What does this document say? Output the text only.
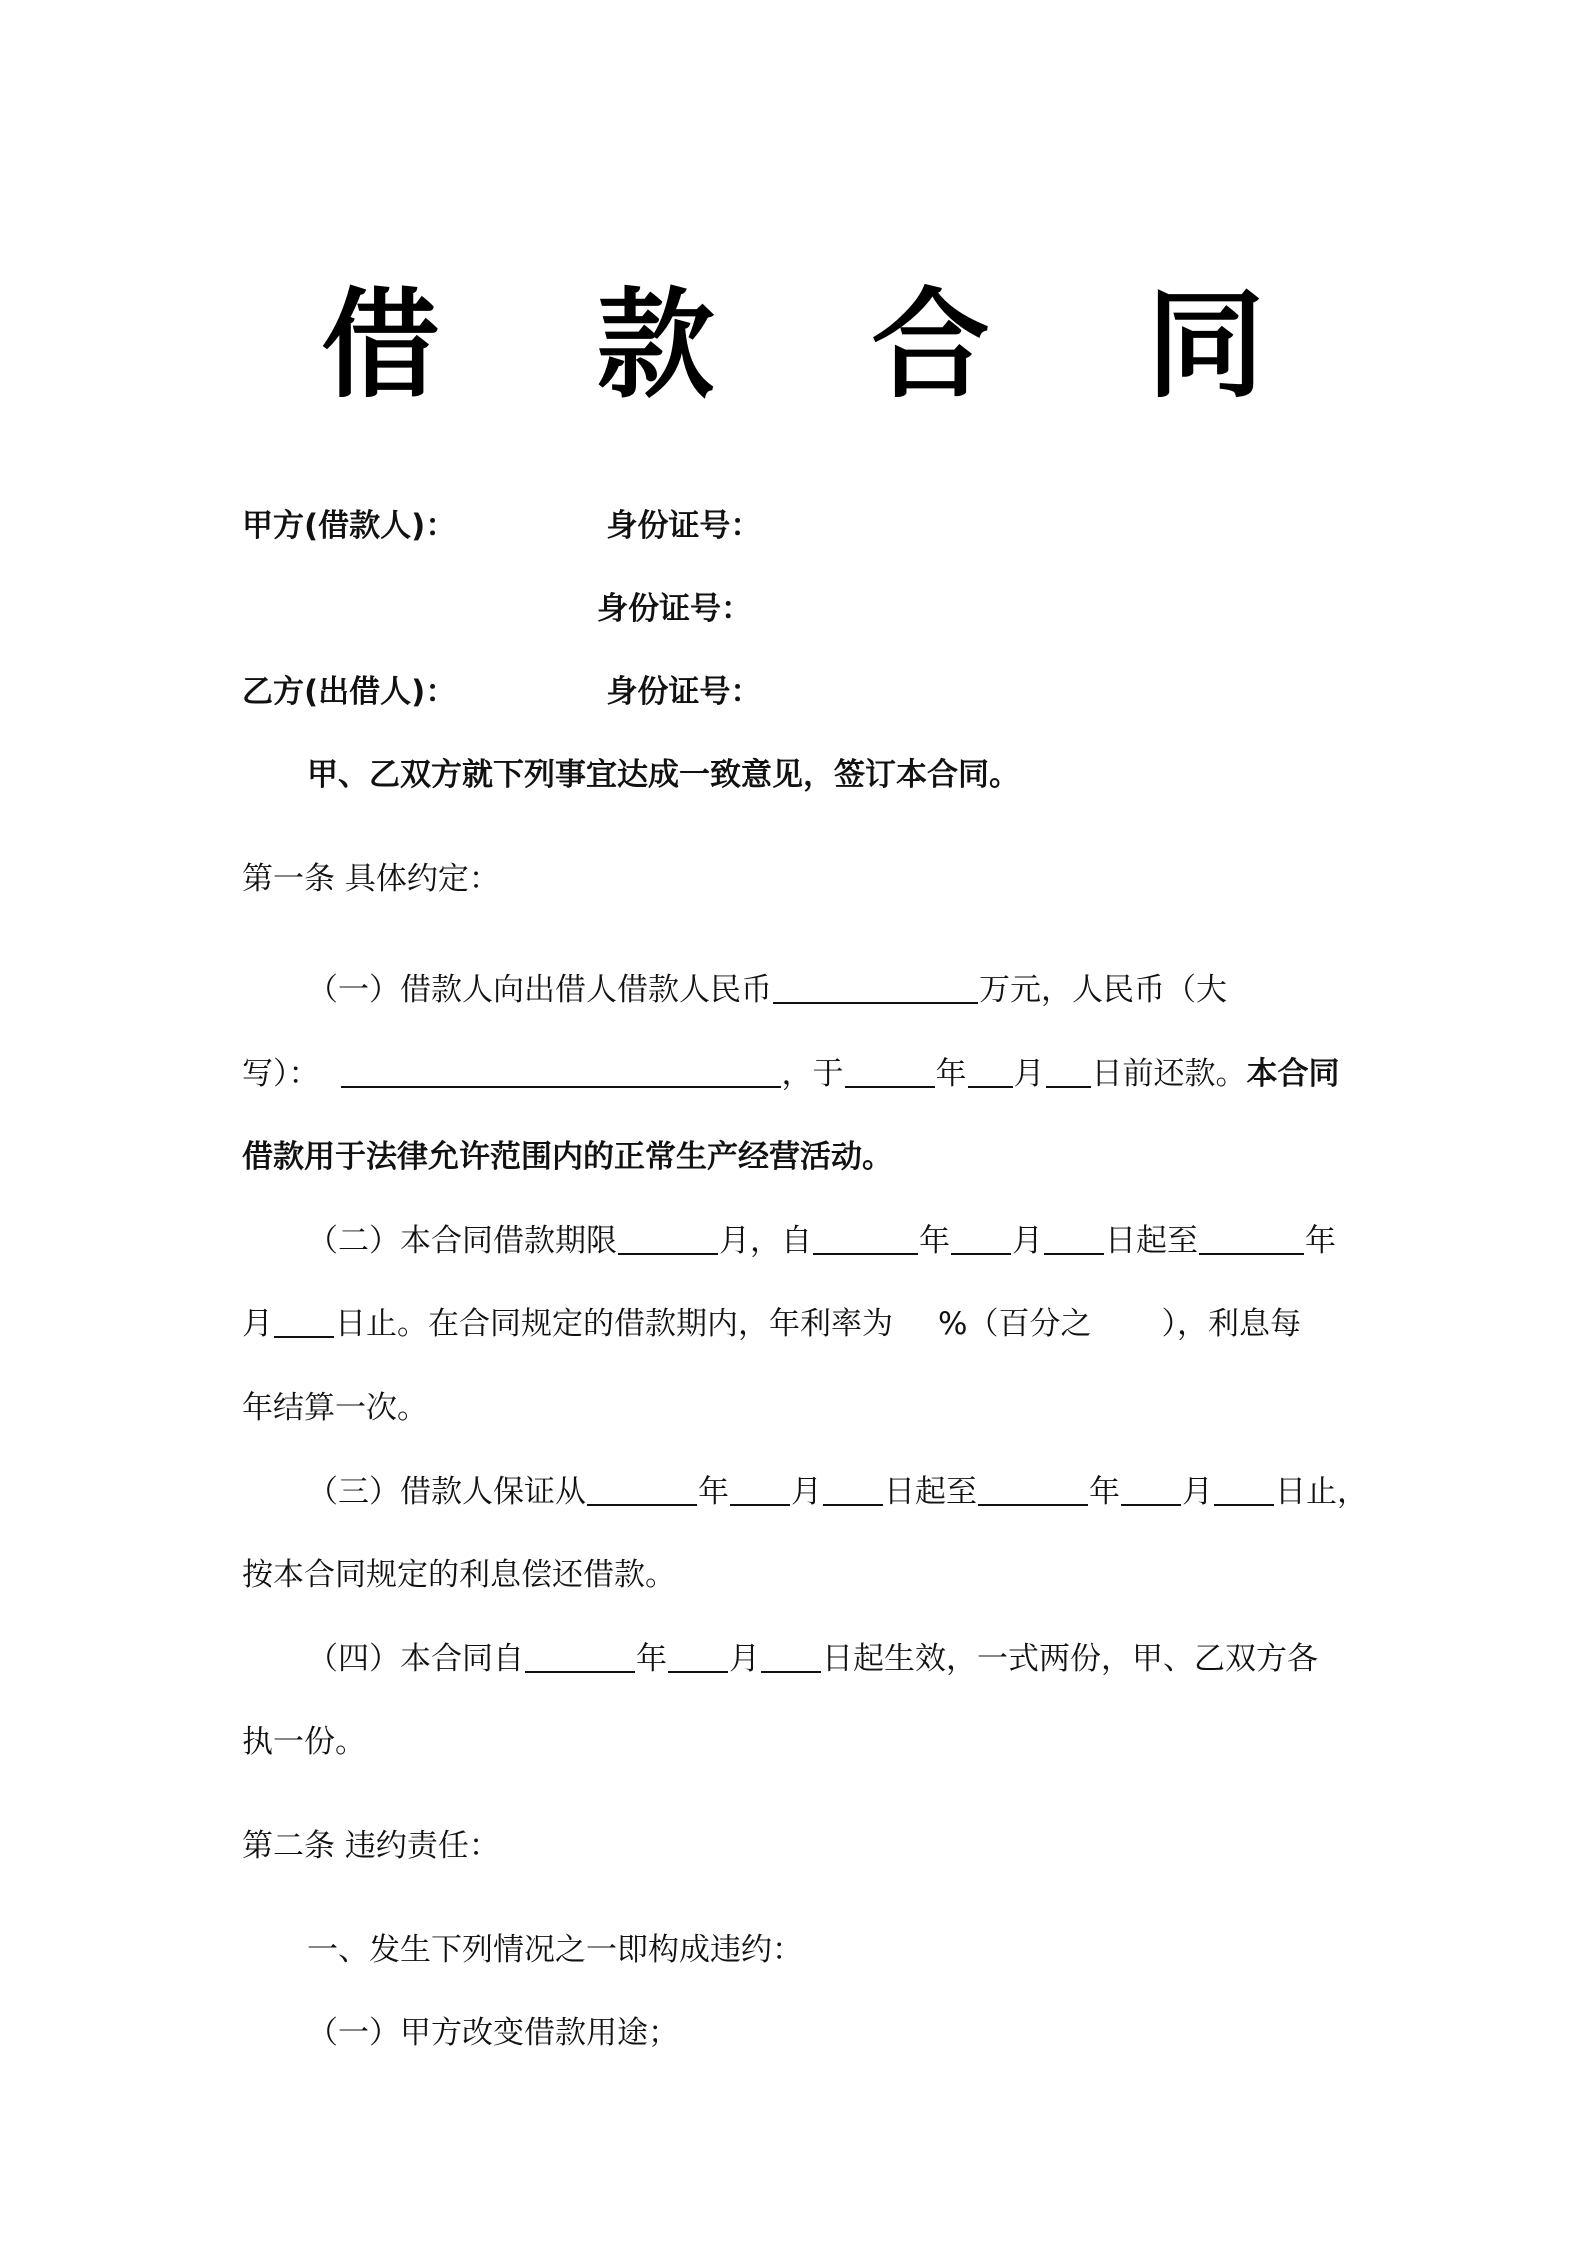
借 款 合 同
甲方(借款人)：	身份证号：
身份证号：
乙方(出借人)：	身份证号：
甲、乙双方就下列事宜达成一致意见，签订本合同。
第一条 具体约定：
（一）借款人向出借人借款人民币	万元，人民币（大
写）：	，于	年 月 日前还款。本合同
借款用于法律允许范围内的正常生产经营活动。
（二）本合同借款期限	月，自	年 月 日起至	年
月 日止。在合同规定的借款期内，年利率为 %（百分之 ），利息每
年结算一次。
（三）借款人保证从	年 月 日起至	年 月 日止，
按本合同规定的利息偿还借款。
（四）本合同自	年 月 日起生效，一式两份，甲、乙双方各
执一份。
第二条 违约责任：
一、发生下列情况之一即构成违约：
（一）甲方改变借款用途；
